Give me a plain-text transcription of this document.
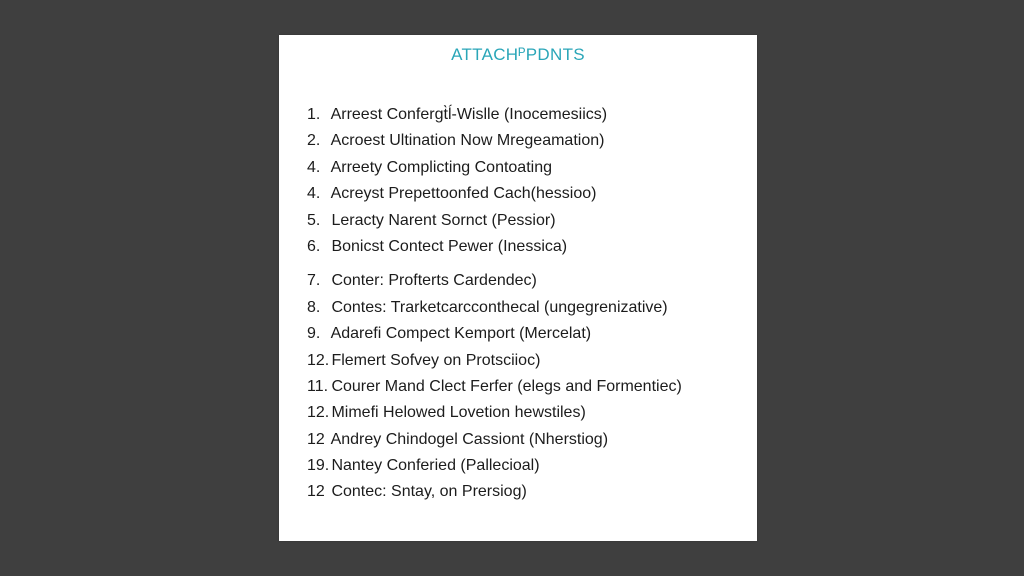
ATTACHᴾPDNTS
1. Arreest Confergt̀ĺ-Wislle (Inocemesiics)
2. Acroest Ultination Now Mregeamation)
4. Arreety Complicting Contoating
4. Acreyst Prepettoonfed Cach(hessioo)
5. Leracty Narent Sornct (Pessior)
6. Bonicst Contect Pewer (Inessica)
7. Conter: Profterts Cardendec)
8. Contes: Trarketcarcconthecal (ungegrenizative)
9. Adarefi Compect Kemport (Mercelat)
12. Flemert Sofvey on Protsciioc)
11. Courer Mand Clect Ferfer (elegs and Formentiec)
12. Mimefi Helowed Lovetion hewstiles)
12 Andrey Chindogel Cassiont (Nherstiog)
19. Nantey Conferied (Pallecioal)
12 Contec: Sntay, on Prersiog)
